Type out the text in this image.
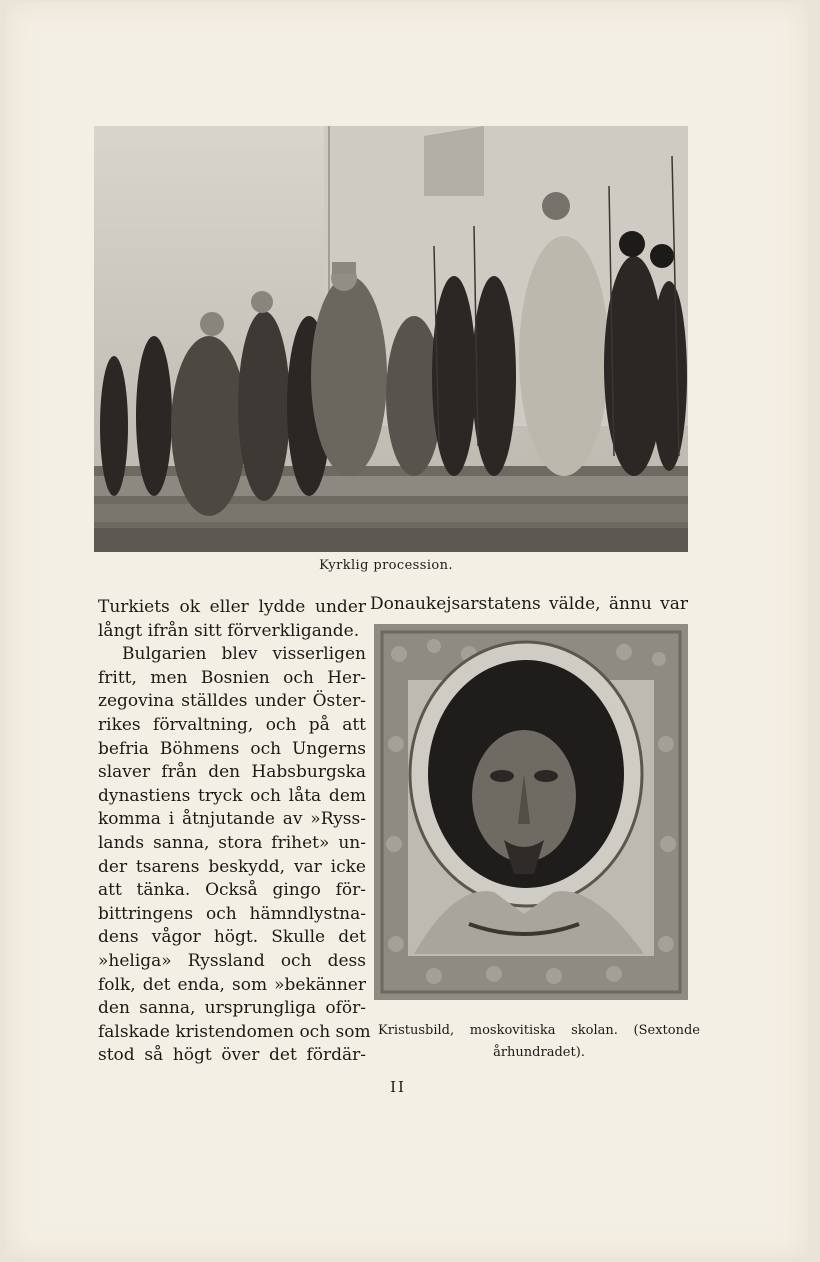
Kyrklig procession.
Donaukejsarstatens välde, ännu var
Turkiets ok eller lydde under
långt ifrån sitt förverkligande.
Bulgarien blev visserligen
fritt, men Bosnien och Her-
zegovina ställdes under Öster-
rikes förvaltning, och på att
befria Böhmens och Ungerns
slaver från den Habsburgska
dynastiens tryck och låta dem
komma i åtnjutande av »Ryss-
lands sanna, stora frihet» un-
der tsarens beskydd, var icke
att tänka. Också gingo för-
bittringens och hämndlystna-
dens vågor högt. Skulle det
»heliga» Ryssland och dess
folk, det enda, som »bekänner
den sanna, ursprungliga oför-
falskade kristendomen och som
stod så högt över det fördär-
Kristusbild, moskovitiska skolan. (Sextonde
århundradet).
II
